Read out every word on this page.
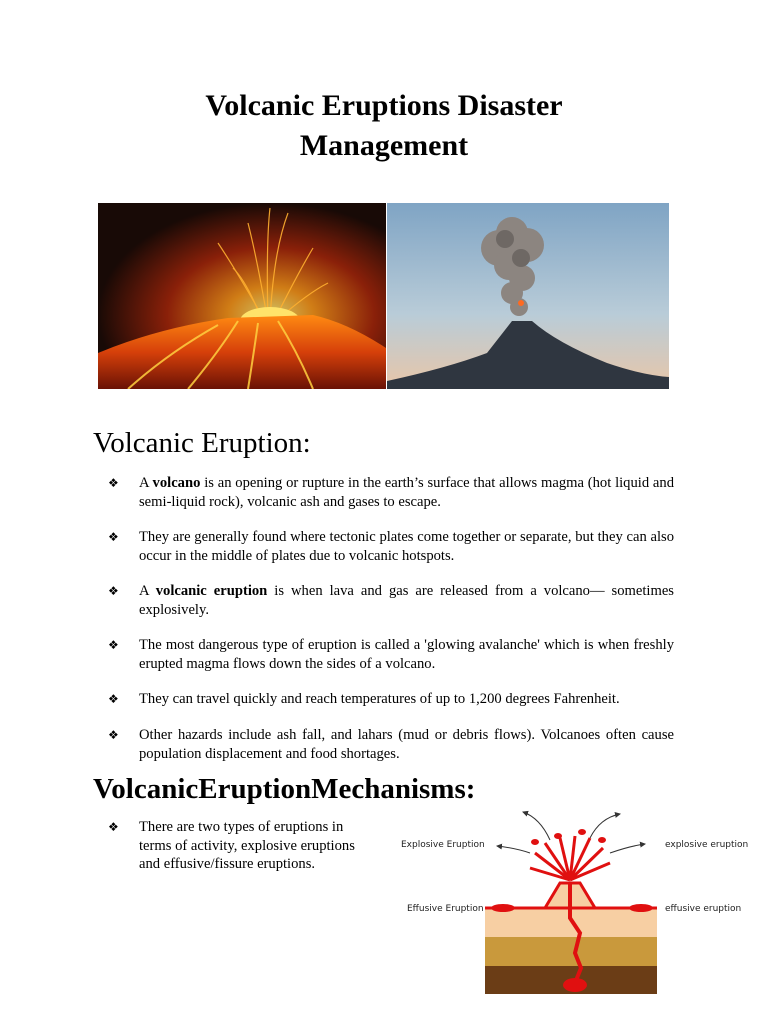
Volcanic Eruptions Disaster
Management
Volcanic Eruption:
❖	A volcano is an opening or rupture in the earth’s surface that allows magma (hot liquid and semi-liquid rock), volcanic ash and gases to escape.
❖	They are generally found where tectonic plates come together or separate, but they can also occur in the middle of plates due to volcanic hotspots.
❖	A volcanic eruption is when lava and gas are released from a volcano— sometimes explosively.
❖	The most dangerous type of eruption is called a 'glowing avalanche' which is when freshly erupted magma flows down the sides of a volcano.
❖	They can travel quickly and reach temperatures of up to 1,200 degrees Fahrenheit.
❖	Other hazards include ash fall, and lahars (mud or debris flows). Volcanoes often cause population displacement and food shortages.
VolcanicEruptionMechanisms:
❖ There are two types of eruptions in terms of activity, explosive eruptions and effusive/fissure eruptions.
Explosive Eruption	explosive eruption
Effusive Eruption	effusive eruption
